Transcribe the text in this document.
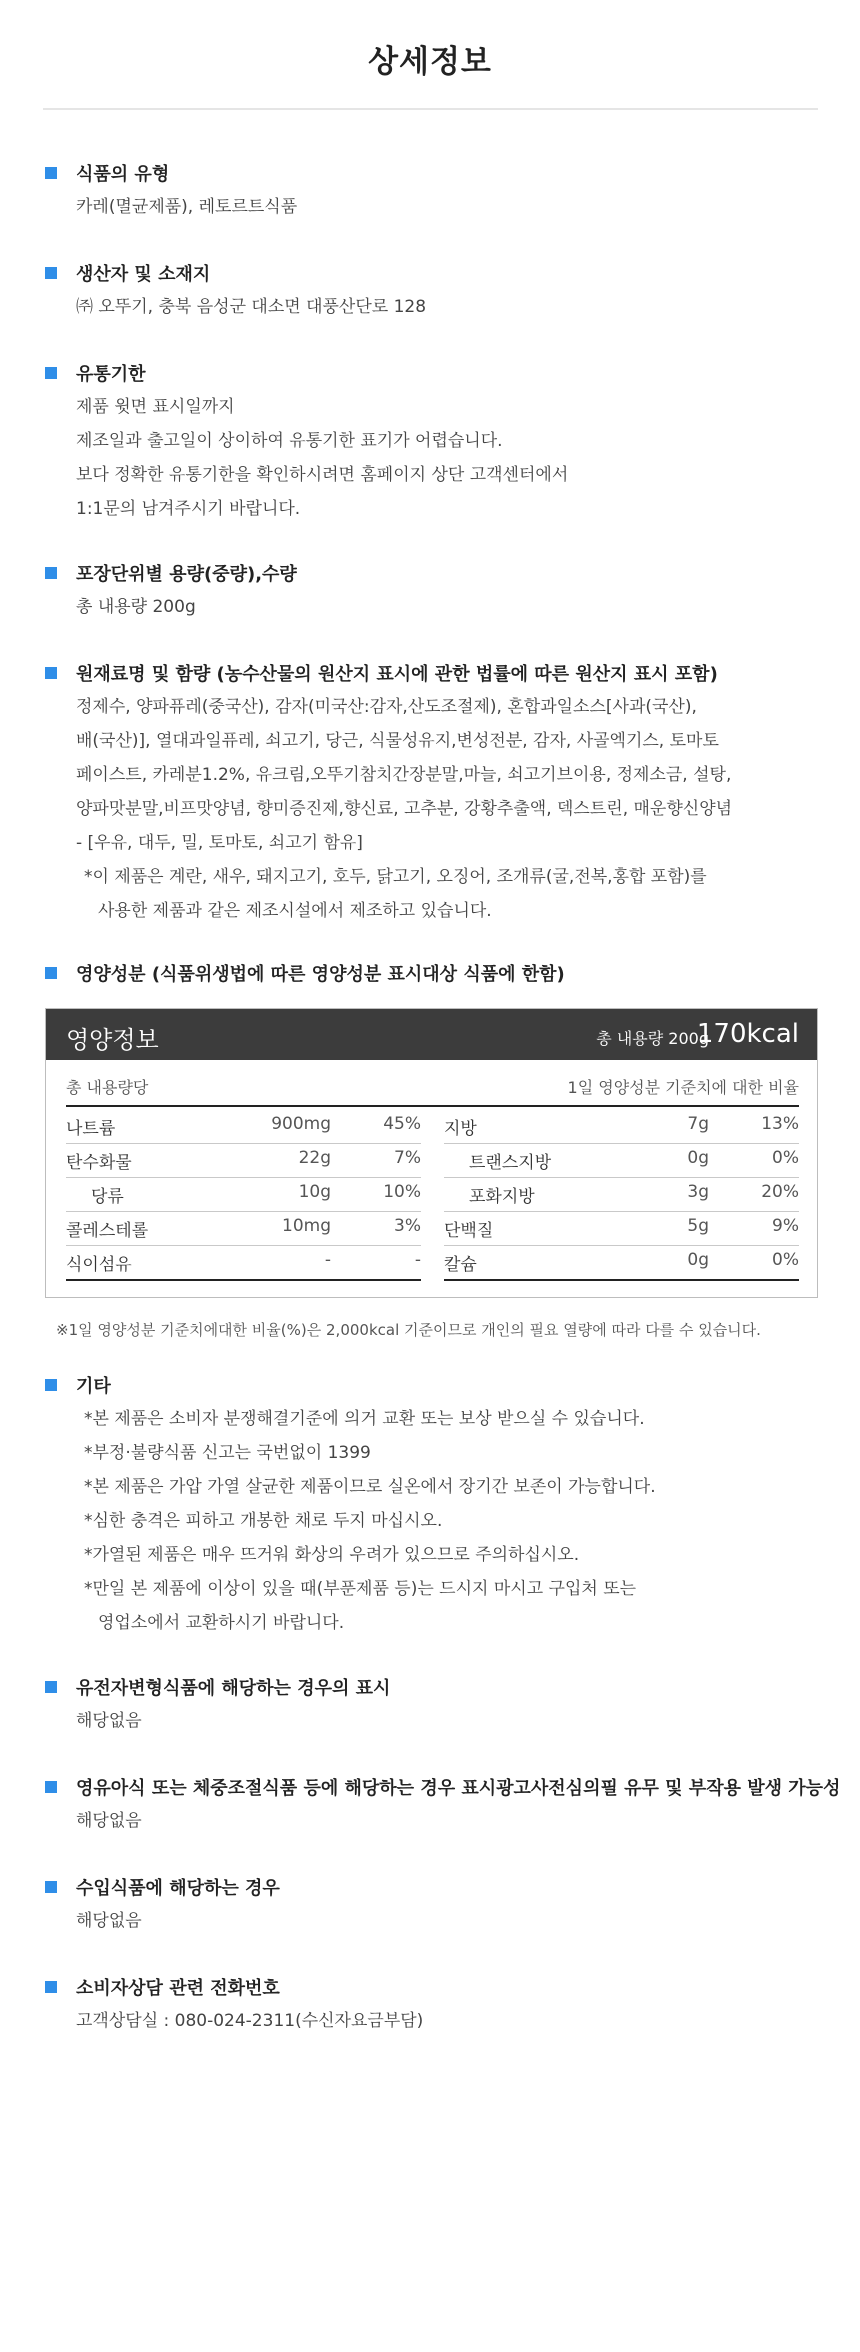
상세정보
식품의 유형
카레(멸균제품), 레토르트식품
생산자 및 소재지
㈜ 오뚜기, 충북 음성군 대소면 대풍산단로 128
유통기한
제품 윗면 표시일까지
제조일과 출고일이 상이하여 유통기한 표기가 어렵습니다.
보다 정확한 유통기한을 확인하시려면 홈페이지 상단 고객센터에서
1:1문의 남겨주시기 바랍니다.
포장단위별 용량(중량),수량
총 내용량 200g
원재료명 및 함량 (농수산물의 원산지 표시에 관한 법률에 따른 원산지 표시 포함)
정제수, 양파퓨레(중국산), 감자(미국산:감자,산도조절제), 혼합과일소스[사과(국산),
배(국산)], 열대과일퓨레, 쇠고기, 당근, 식물성유지,변성전분, 감자, 사골엑기스, 토마토
페이스트, 카레분1.2%, 유크림,오뚜기참치간장분말,마늘, 쇠고기브이용, 정제소금, 설탕,
양파맛분말,비프맛양념, 향미증진제,향신료, 고추분, 강황추출액, 덱스트린, 매운향신양념
- [우유, 대두, 밀, 토마토, 쇠고기 함유]
*이 제품은 계란, 새우, 돼지고기, 호두, 닭고기, 오징어, 조개류(굴,전복,홍합 포함)를
사용한 제품과 같은 제조시설에서 제조하고 있습니다.
영양성분 (식품위생법에 따른 영양성분 표시대상 식품에 한함)
영양정보	총 내용량 200g
170kcal
총 내용량당	1일 영양성분 기준치에 대한 비율
나트륨	900mg	45%
탄수화물	22g	7%
당류	10g	10%
콜레스테롤	10mg	3%
식이섬유	-	-
지방	7g	13%
트랜스지방	0g	0%
포화지방	3g	20%
단백질	5g	9%
칼슘	0g	0%
※1일 영양성분 기준치에대한 비율(%)은 2,000kcal 기준이므로 개인의 필요 열량에 따라 다를 수 있습니다.
기타
*본 제품은 소비자 분쟁해결기준에 의거 교환 또는 보상 받으실 수 있습니다.
*부정·불량식품 신고는 국번없이 1399
*본 제품은 가압 가열 살균한 제품이므로 실온에서 장기간 보존이 가능합니다.
*심한 충격은 피하고 개봉한 채로 두지 마십시오.
*가열된 제품은 매우 뜨거워 화상의 우려가 있으므로 주의하십시오.
*만일 본 제품에 이상이 있을 때(부푼제품 등)는 드시지 마시고 구입처 또는
영업소에서 교환하시기 바랍니다.
유전자변형식품에 해당하는 경우의 표시
해당없음
영유아식 또는 체중조절식품 등에 해당하는 경우 표시광고사전심의필 유무 및 부작용 발생 가능성
해당없음
수입식품에 해당하는 경우
해당없음
소비자상담 관련 전화번호
고객상담실 : 080-024-2311(수신자요금부담)
